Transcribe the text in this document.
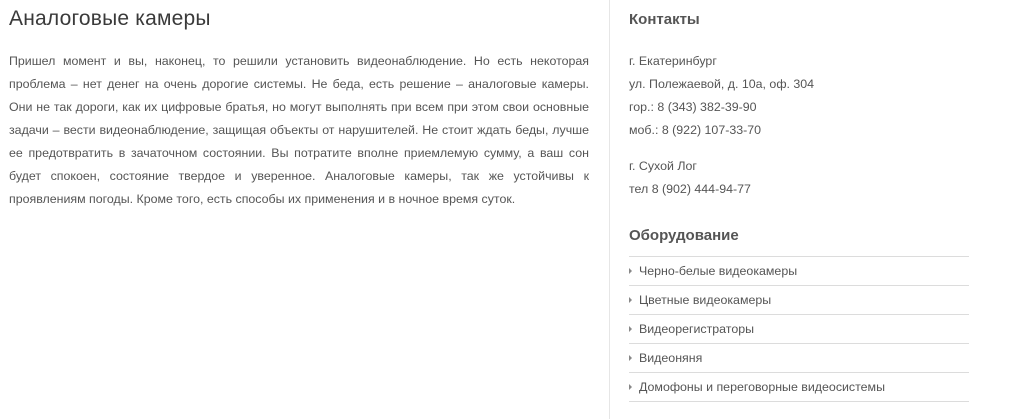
Аналоговые камеры

Пришел момент и вы, наконец, то решили установить видеонаблюдение. Но есть некоторая проблема – нет денег на очень дорогие системы. Не беда, есть решение – аналоговые камеры. Они не так дороги, как их цифровые братья, но могут выполнять при всем при этом свои основные задачи – вести видеонаблюдение, защищая объекты от нарушителей. Не стоит ждать беды, лучше ее предотвратить в зачаточном состоянии. Вы потратите вполне приемлемую сумму, а ваш сон будет спокоен, состояние твердое и уверенное. Аналоговые камеры, так же устойчивы к проявлениям погоды. Кроме того, есть способы их применения и в ночное время суток.

Контакты
г. Екатеринбург
ул. Полежаевой, д. 10а, оф. 304
гор.: 8 (343) 382-39-90
моб.: 8 (922) 107-33-70
г. Сухой Лог
тел 8 (902) 444-94-77
Оборудование
Черно-белые видеокамеры
Цветные видеокамеры
Видеорегистраторы
Видеоняня
Домофоны и переговорные видеосистемы
